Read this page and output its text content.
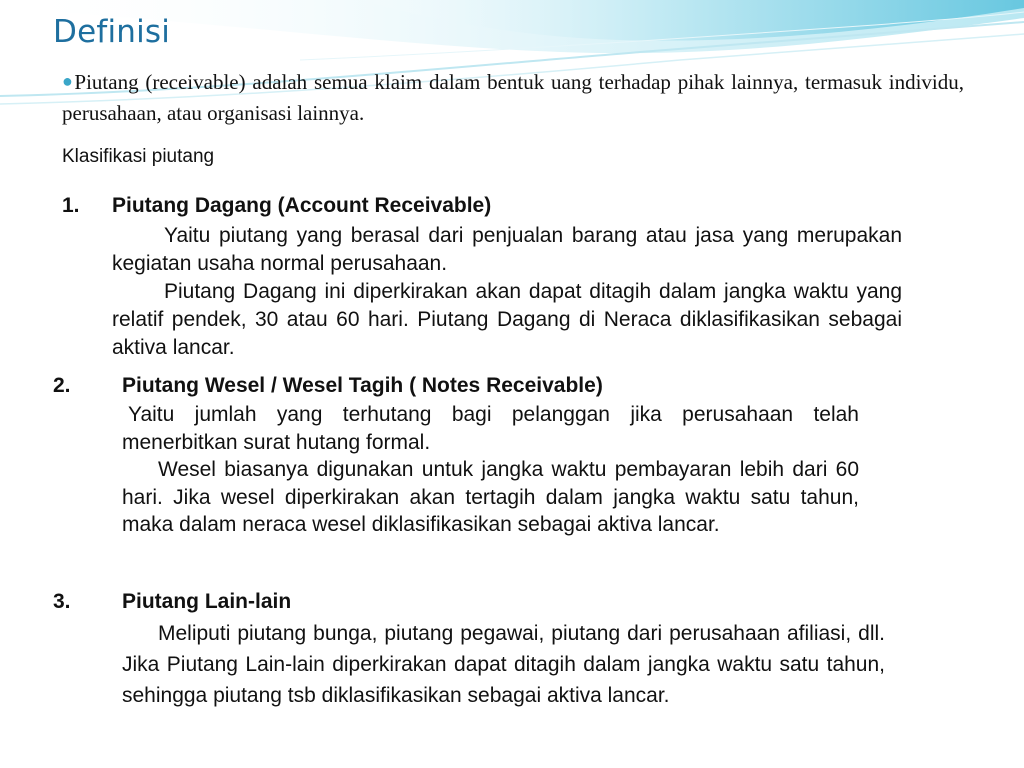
Definisi
●Piutang (receivable) adalah semua klaim dalam bentuk uang terhadap pihak lainnya, termasuk individu, perusahaan, atau organisasi lainnya.
Klasifikasi piutang
1. Piutang Dagang (Account Receivable)
Yaitu piutang yang berasal dari penjualan barang atau jasa yang merupakan kegiatan usaha normal perusahaan.
Piutang Dagang ini diperkirakan akan dapat ditagih dalam jangka waktu yang relatif pendek, 30 atau 60 hari. Piutang Dagang di Neraca diklasifikasikan sebagai aktiva lancar.
2. Piutang Wesel / Wesel Tagih ( Notes Receivable)
Yaitu jumlah yang terhutang bagi pelanggan jika perusahaan telah menerbitkan surat hutang formal.
Wesel biasanya digunakan untuk jangka waktu pembayaran lebih dari 60 hari. Jika wesel diperkirakan akan tertagih dalam jangka waktu satu tahun, maka dalam neraca wesel diklasifikasikan sebagai aktiva lancar.
3. Piutang Lain-lain
Meliputi piutang bunga, piutang pegawai, piutang dari perusahaan afiliasi, dll. Jika Piutang Lain-lain diperkirakan dapat ditagih dalam jangka waktu satu tahun, sehingga piutang tsb diklasifikasikan sebagai aktiva lancar.
